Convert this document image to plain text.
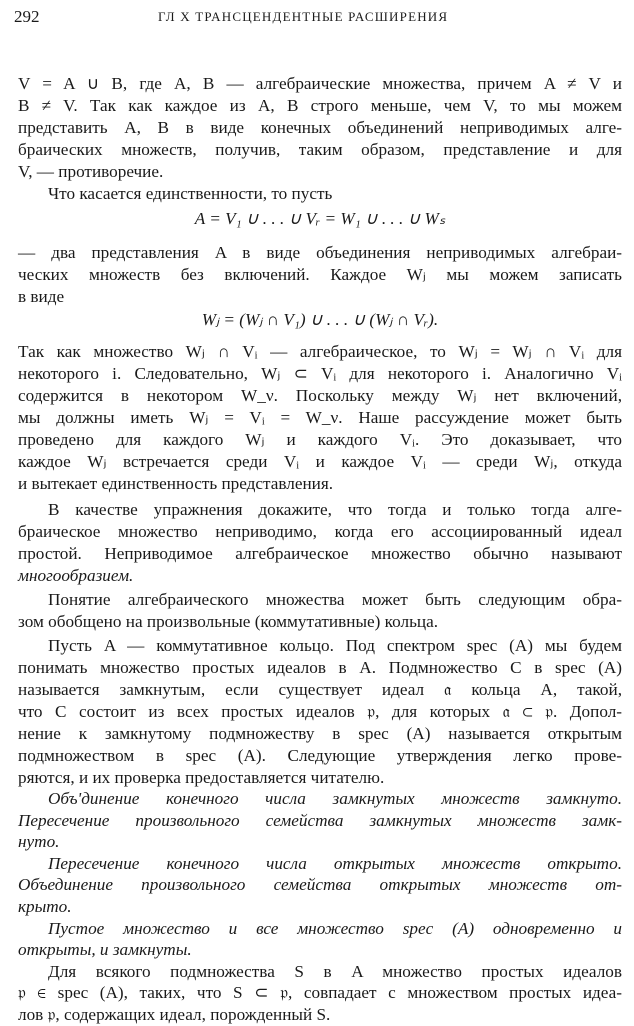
292	ГЛ X ТРАНСЦЕНДЕНТНЫЕ РАСШИРЕНИЯ
V = A ∪ B, где A, B — алгебраические множества, причем A ≠ V и
B ≠ V. Так как каждое из A, B строго меньше, чем V, то мы можем
представить A, B в виде конечных объединений неприводимых алге-
браических множеств, получив, таким образом, представление и для
V, — противоречие.
Что касается единственности, то пусть
A = V₁ ∪ . . . ∪ Vᵣ = W₁ ∪ . . . ∪ Wₛ
— два представления A в виде объединения неприводимых алгебраи-
ческих множеств без включений. Каждое Wⱼ мы можем записать
в виде
Wⱼ = (Wⱼ ∩ V₁) ∪ . . . ∪ (Wⱼ ∩ Vᵣ).
Так как множество Wⱼ ∩ Vᵢ — алгебраическое, то Wⱼ = Wⱼ ∩ Vᵢ для
некоторого i. Следовательно, Wⱼ ⊂ Vᵢ для некоторого i. Аналогично Vᵢ
содержится в некотором W_ν. Поскольку между Wⱼ нет включений,
мы должны иметь Wⱼ = Vᵢ = W_ν. Наше рассуждение может быть
проведено для каждого Wⱼ и каждого Vᵢ. Это доказывает, что
каждое Wⱼ встречается среди Vᵢ и каждое Vᵢ — среди Wⱼ, откуда
и вытекает единственность представления.
В качестве упражнения докажите, что тогда и только тогда алге-
браическое множество неприводимо, когда его ассоциированный идеал
простой. Неприводимое алгебраическое множество обычно называют
многообразием.
Понятие алгебраического множества может быть следующим обра-
зом обобщено на произвольные (коммутативные) кольца.
Пусть A — коммутативное кольцо. Под спектром spec (A) мы будем
понимать множество простых идеалов в A. Подмножество C в spec (A)
называется замкнутым, если существует идеал 𝔞 кольца A, такой,
что C состоит из всех простых идеалов 𝔭, для которых 𝔞 ⊂ 𝔭. Допол-
нение к замкнутому подмножеству в spec (A) называется открытым
подмножеством в spec (A). Следующие утверждения легко прове-
ряются, и их проверка предоставляется читателю.
Объ'динение конечного числа замкнутых множеств замкнуто.
Пересечение произвольного семейства замкнутых множеств замк-
нуто.
Пересечение конечного числа открытых множеств открыто.
Объединение произвольного семейства открытых множеств от-
крыто.
Пустое множество и все множество spec (A) одновременно и
открыты, и замкнуты.
Для всякого подмножества S в A множество простых идеалов
𝔭 ∈ spec (A), таких, что S ⊂ 𝔭, совпадает с множеством простых идеа-
лов 𝔭, содержащих идеал, порожденный S.
